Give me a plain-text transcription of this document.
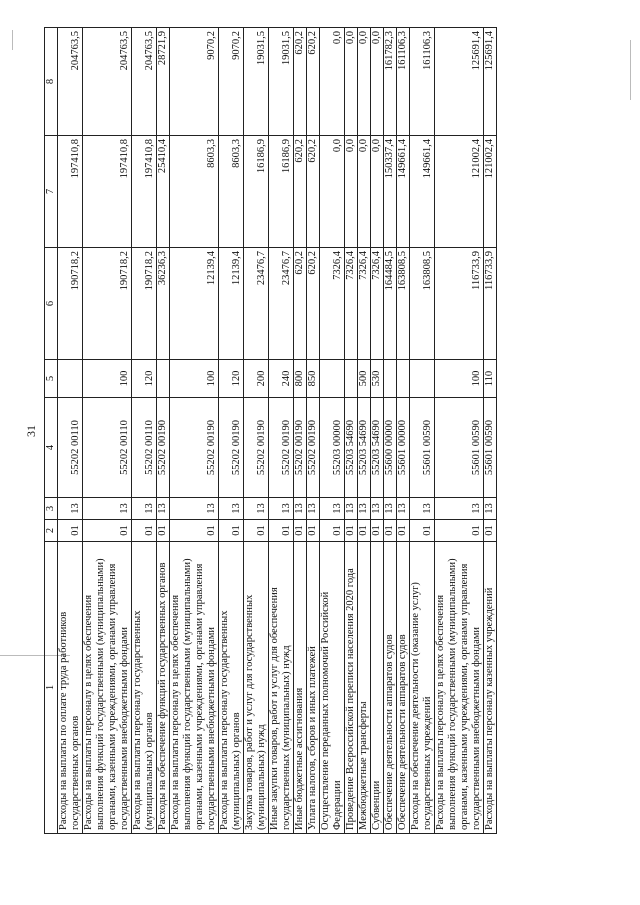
31
1	2	3	4	5	6	7	8
Расходы на выплаты по оплате труда работников государственных органов	01	13	55202 00110		190718,2	197410,8	204763,5
Расходы на выплаты персоналу в целях обеспечения выполнения функций государственными (муниципальными) органами, казенными учреждениями, органами управления государственными внебюджетными фондами	01	13	55202 00110	100	190718,2	197410,8	204763,5
Расходы на выплаты персоналу государственных (муниципальных) органов	01	13	55202 00110	120	190718,2	197410,8	204763,5
Расходы на обеспечение функций государственных органов	01	13	55202 00190		36236,3	25410,4	28721,9
Расходы на выплаты персоналу в целях обеспечения выполнения функций государственными (муниципальными) органами, казенными учреждениями, органами управления государственными внебюджетными фондами	01	13	55202 00190	100	12139,4	8603,3	9070,2
Расходы на выплаты персоналу государственных (муниципальных) органов	01	13	55202 00190	120	12139,4	8603,3	9070,2
Закупка товаров, работ и услуг для государственных (муниципальных) нужд	01	13	55202 00190	200	23476,7	16186,9	19031,5
Иные закупки товаров, работ и услуг для обеспечения государственных (муниципальных) нужд	01	13	55202 00190	240	23476,7	16186,9	19031,5
Иные бюджетные ассигнования	01	13	55202 00190	800	620,2	620,2	620,2
Уплата налогов, сборов и иных платежей	01	13	55202 00190	850	620,2	620,2	620,2
Осуществление переданных полномочий Российской Федерации	01	13	55203 00000		7326,4	0,0	0,0
Проведение Всероссийской переписи населения 2020 года	01	13	55203 54690		7326,4	0,0	0,0
Межбюджетные трансферты	01	13	55203 54690	500	7326,4	0,0	0,0
Субвенции	01	13	55203 54690	530	7326,4	0,0	0,0
Обеспечение деятельности аппаратов судов	01	13	55600 00000		164484,5	150337,4	161782,3
Обеспечение деятельности аппаратов судов	01	13	55601 00000		163808,5	149661,4	161106,3
Расходы на обеспечение деятельности (оказание услуг) государственных учреждений	01	13	55601 00590		163808,5	149661,4	161106,3
Расходы на выплаты персоналу в целях обеспечения выполнения функций государственными (муниципальными) органами, казенными учреждениями, органами управления государственными внебюджетными фондами	01	13	55601 00590	100	116733,9	121002,4	125691,4
Расходы на выплаты персоналу казенных учреждений	01	13	55601 00590	110	116733,9	121002,4	125691,4
